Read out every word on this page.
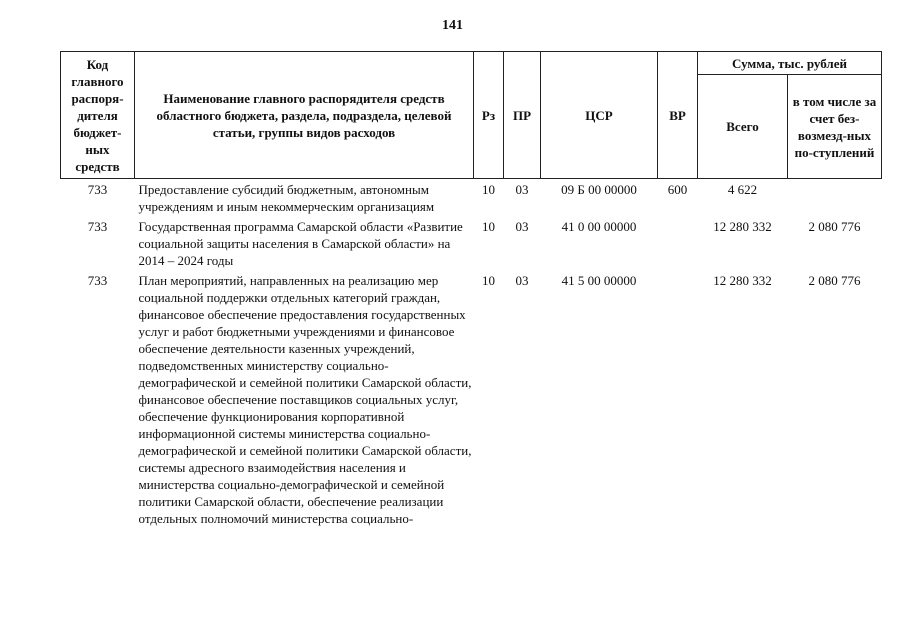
141
Код главного распоря-дителя бюджет-ных средств	Наименование главного распорядителя средств областного бюджета, раздела, подраздела, целевой статьи, группы видов расходов	Рз	ПР	ЦСР	ВР	Сумма, тыс. рублей	
						Всего	в том числе за счет без-возмезд-ных по-ступлений
733	Предоставление субсидий бюджетным, автономным учреждениям и иным некоммерческим организациям	10	03	09 Б 00 00000	600	4 622	
733	Государственная программа Самарской области «Развитие социальной защиты населения в Самарской области» на 2014 – 2024 годы	10	03	41 0 00 00000		12 280 332	2 080 776
733	План мероприятий, направленных на реализацию мер социальной поддержки отдельных категорий граждан, финансовое обеспечение предоставления государственных услуг и работ бюджетными учреждениями и финансовое обеспечение деятельности казенных учреждений, подведомственных министерству социально-демографической и семейной политики Самарской области, финансовое обеспечение поставщиков социальных услуг, обеспечение функционирования корпоративной информационной системы министерства социально-демографической и семейной политики Самарской области, системы адресного взаимодействия населения и министерства социально-демографической и семейной политики Самарской области, обеспечение реализации отдельных полномочий министерства социально-	10	03	41 5 00 00000		12 280 332	2 080 776
